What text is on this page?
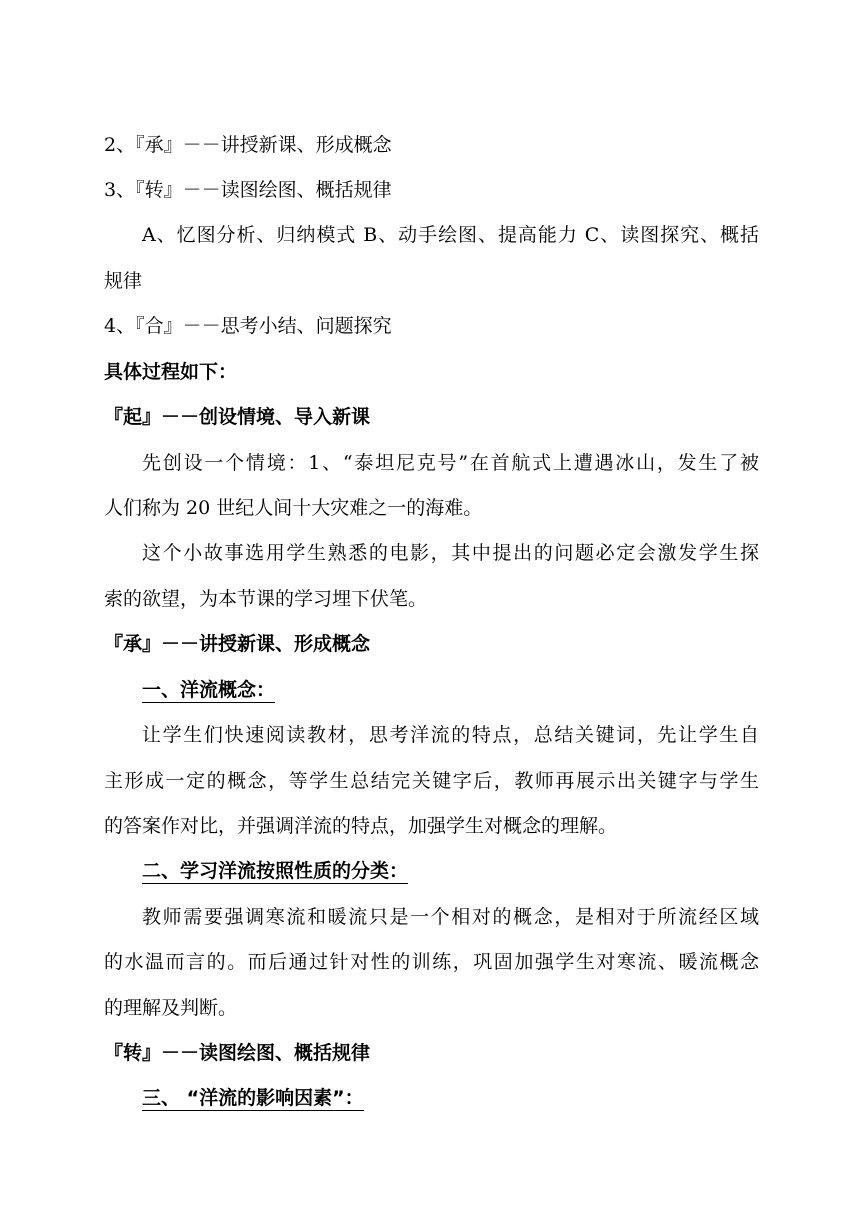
2、『承』－－讲授新课、形成概念
3、『转』－－读图绘图、概括规律
A、忆图分析、归纳模式 B、动手绘图、提高能力 C、读图探究、概括
规律
4、『合』－－思考小结、问题探究
具体过程如下：
『起』－－创设情境、导入新课
先创设一个情境：1、“泰坦尼克号”在首航式上遭遇冰山，发生了被
人们称为 20 世纪人间十大灾难之一的海难。
这个小故事选用学生熟悉的电影，其中提出的问题必定会激发学生探
索的欲望，为本节课的学习埋下伏笔。
『承』－－讲授新课、形成概念
一、洋流概念：
让学生们快速阅读教材，思考洋流的特点，总结关键词，先让学生自
主形成一定的概念，等学生总结完关键字后，教师再展示出关键字与学生
的答案作对比，并强调洋流的特点，加强学生对概念的理解。
二、学习洋流按照性质的分类：
教师需要强调寒流和暖流只是一个相对的概念，是相对于所流经区域
的水温而言的。而后通过针对性的训练，巩固加强学生对寒流、暖流概念
的理解及判断。
『转』－－读图绘图、概括规律
三、 “洋流的影响因素”：
